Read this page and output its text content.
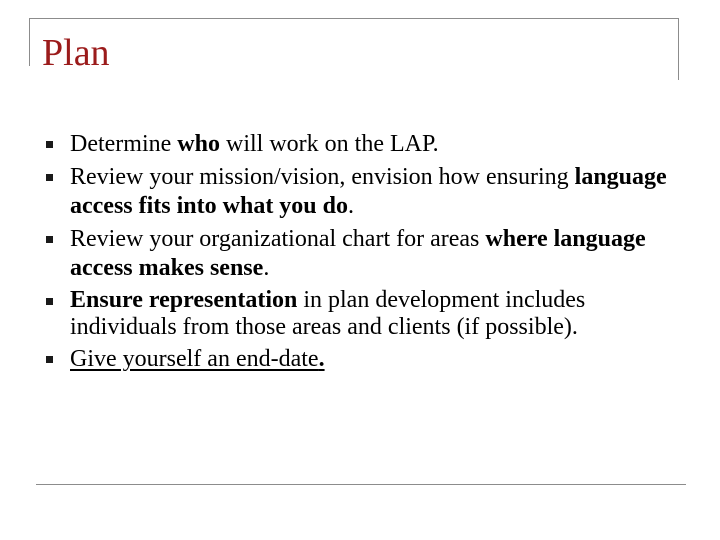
Plan
Determine who will work on the LAP.
Review your mission/vision, envision how ensuring language access fits into what you do.
Review your organizational chart for areas where language access makes sense.
Ensure representation in plan development includes individuals from those areas and clients (if possible).
Give yourself an end-date.
